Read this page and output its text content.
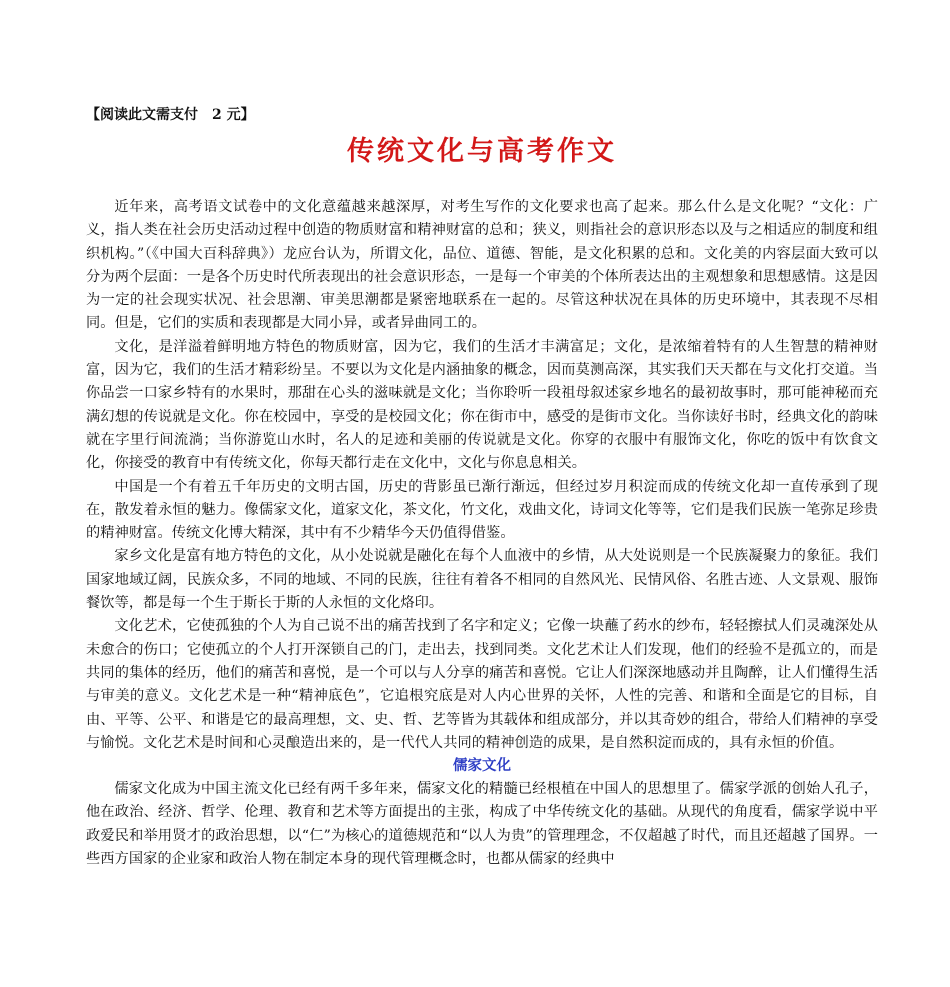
【阅读此文需支付　2 元】
传统文化与高考作文

近年来，高考语文试卷中的文化意蕴越来越深厚，对考生写作的文化要求也高了起来。那么什么是文化呢？“文化：广义，指人类在社会历史活动过程中创造的物质财富和精神财富的总和；狭义，则指社会的意识形态以及与之相适应的制度和组织机构。”（《中国大百科辞典》）龙应台认为，所谓文化，品位、道德、智能，是文化积累的总和。文化美的内容层面大致可以分为两个层面：一是各个历史时代所表现出的社会意识形态，一是每一个审美的个体所表达出的主观想象和思想感情。这是因为一定的社会现实状况、社会思潮、审美思潮都是紧密地联系在一起的。尽管这种状况在具体的历史环境中，其表现不尽相同。但是，它们的实质和表现都是大同小异，或者异曲同工的。

文化，是洋溢着鲜明地方特色的物质财富，因为它，我们的生活才丰满富足；文化，是浓缩着特有的人生智慧的精神财富，因为它，我们的生活才精彩纷呈。不要以为文化是内涵抽象的概念，因而莫测高深，其实我们天天都在与文化打交道。当你品尝一口家乡特有的水果时，那甜在心头的滋味就是文化；当你聆听一段祖母叙述家乡地名的最初故事时，那可能神秘而充满幻想的传说就是文化。你在校园中，享受的是校园文化；你在街市中，感受的是街市文化。当你读好书时，经典文化的韵味就在字里行间流淌；当你游览山水时，名人的足迹和美丽的传说就是文化。你穿的衣服中有服饰文化，你吃的饭中有饮食文化，你接受的教育中有传统文化，你每天都行走在文化中，文化与你息息相关。

中国是一个有着五千年历史的文明古国，历史的背影虽已渐行渐远，但经过岁月积淀而成的传统文化却一直传承到了现在，散发着永恒的魅力。像儒家文化，道家文化，茶文化，竹文化，戏曲文化，诗词文化等等，它们是我们民族一笔弥足珍贵的精神财富。传统文化博大精深，其中有不少精华今天仍值得借鉴。

家乡文化是富有地方特色的文化，从小处说就是融化在每个人血液中的乡情，从大处说则是一个民族凝聚力的象征。我们国家地域辽阔，民族众多，不同的地域、不同的民族，往往有着各不相同的自然风光、民情风俗、名胜古迹、人文景观、服饰餐饮等，都是每一个生于斯长于斯的人永恒的文化烙印。

文化艺术，它使孤独的个人为自己说不出的痛苦找到了名字和定义；它像一块蘸了药水的纱布，轻轻擦拭人们灵魂深处从未愈合的伤口；它使孤立的个人打开深锁自己的门，走出去，找到同类。文化艺术让人们发现，他们的经验不是孤立的，而是共同的集体的经历，他们的痛苦和喜悦，是一个可以与人分享的痛苦和喜悦。它让人们深深地感动并且陶醉，让人们懂得生活与审美的意义。文化艺术是一种“精神底色”，它追根究底是对人内心世界的关怀，人性的完善、和谐和全面是它的目标，自由、平等、公平、和谐是它的最高理想，文、史、哲、艺等皆为其载体和组成部分，并以其奇妙的组合，带给人们精神的享受与愉悦。文化艺术是时间和心灵酿造出来的，是一代代人共同的精神创造的成果，是自然积淀而成的，具有永恒的价值。

儒家文化

儒家文化成为中国主流文化已经有两千多年来，儒家文化的精髓已经根植在中国人的思想里了。儒家学派的创始人孔子，他在政治、经济、哲学、伦理、教育和艺术等方面提出的主张，构成了中华传统文化的基础。从现代的角度看，儒家学说中平政爱民和举用贤才的政治思想，以“仁”为核心的道德规范和“以人为贵”的管理理念，不仅超越了时代，而且还超越了国界。一些西方国家的企业家和政治人物在制定本身的现代管理概念时，也都从儒家的经典中
